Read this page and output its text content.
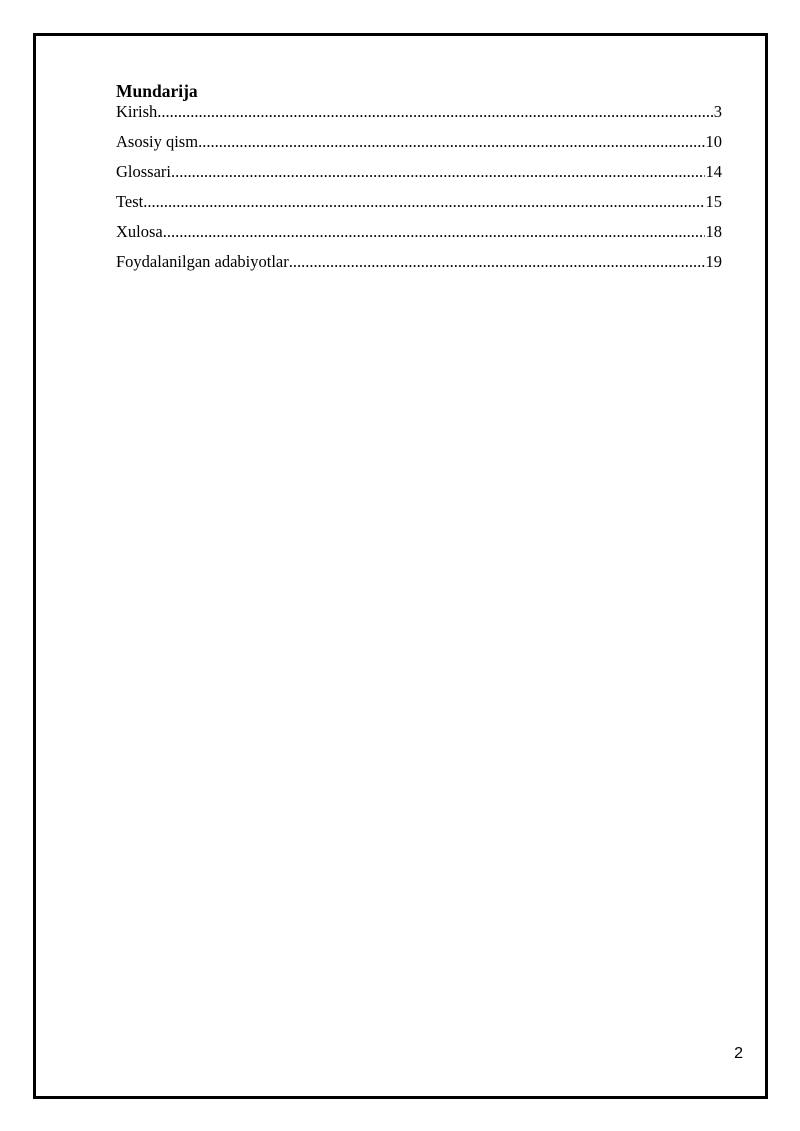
Mundarija

Kirish .....	3
Asosiy qism .....	10
Glossari .....	14
Test .....	15
Xulosa .....	18
Foydalanilgan adabiyotlar .....	19
2
